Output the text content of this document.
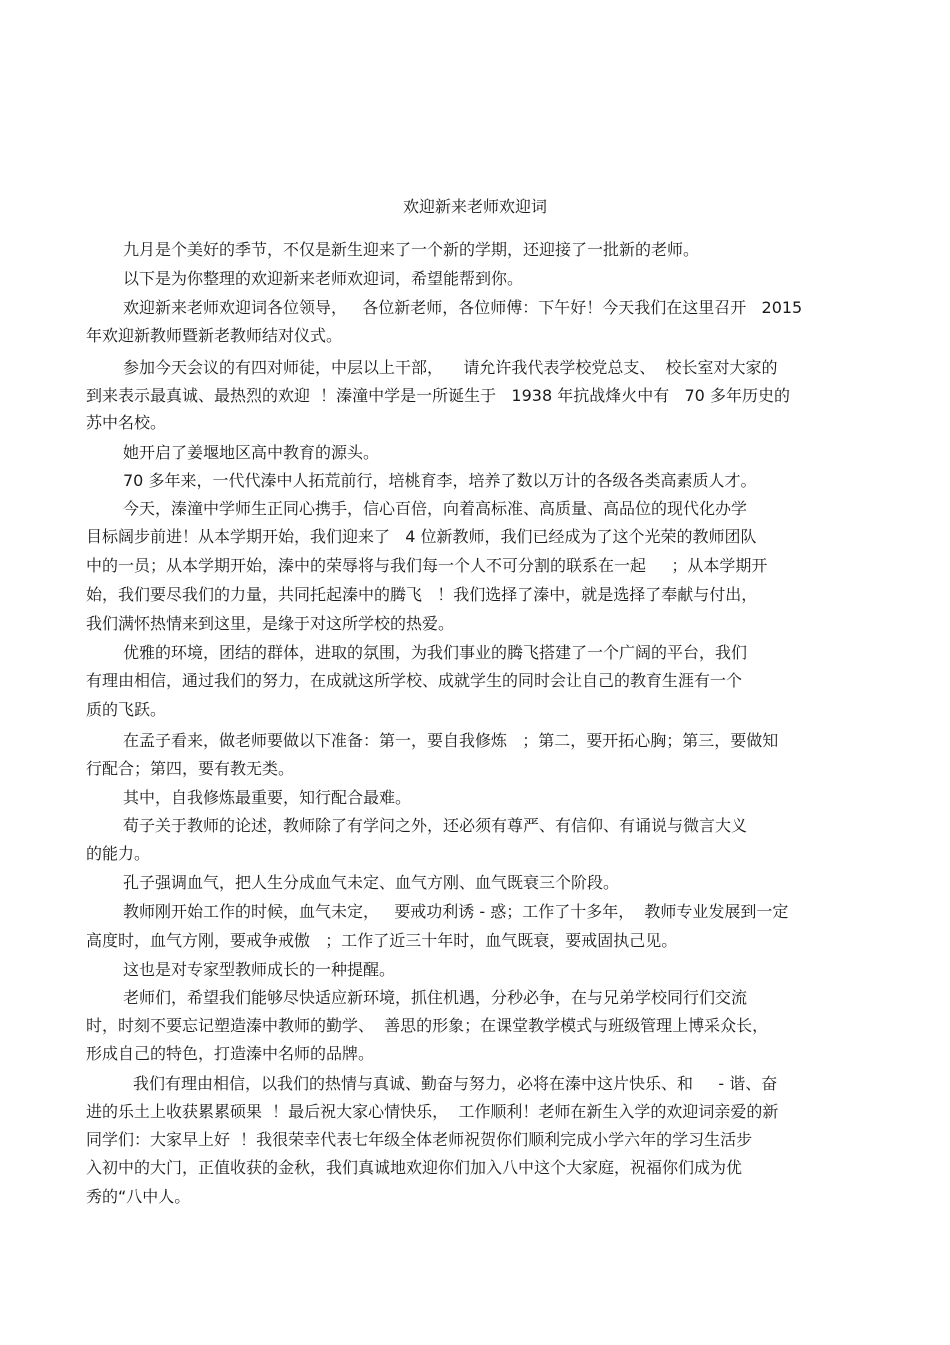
欢迎新来老师欢迎词
九月是个美好的季节，不仅是新生迎来了一个新的学期，还迎接了一批新的老师。
以下是为你整理的欢迎新来老师欢迎词，希望能帮到你。
欢迎新来老师欢迎词各位领导，   各位新老师，各位师傅：下午好！今天我们在这里召开   2015
年欢迎新教师暨新老教师结对仪式。
参加今天会议的有四对师徒，中层以上干部，    请允许我代表学校党总支、  校长室对大家的
到来表示最真诚、最热烈的欢迎  ！溱潼中学是一所诞生于   1938 年抗战烽火中有   70 多年历史的
苏中名校。
她开启了姜堰地区高中教育的源头。
70 多年来，一代代溱中人拓荒前行，培桃育李，培养了数以万计的各级各类高素质人才。
今天，溱潼中学师生正同心携手，信心百倍，向着高标准、高质量、高品位的现代化办学
目标阔步前进！从本学期开始，我们迎来了   4 位新教师，我们已经成为了这个光荣的教师团队
中的一员；从本学期开始，溱中的荣辱将与我们每一个人不可分割的联系在一起     ；从本学期开
始，我们要尽我们的力量，共同托起溱中的腾飞   ！我们选择了溱中，就是选择了奉献与付出，
我们满怀热情来到这里，是缘于对这所学校的热爱。
优雅的环境，团结的群体，进取的氛围，为我们事业的腾飞搭建了一个广阔的平台，我们
有理由相信，通过我们的努力，在成就这所学校、成就学生的同时会让自己的教育生涯有一个
质的飞跃。
在孟子看来，做老师要做以下准备：第一，要自我修炼   ；第二，要开拓心胸；第三，要做知
行配合；第四，要有教无类。
其中，自我修炼最重要，知行配合最难。
荀子关于教师的论述，教师除了有学问之外，还必须有尊严、有信仰、有诵说与微言大义
的能力。
孔子强调血气，把人生分成血气未定、血气方刚、血气既衰三个阶段。
教师刚开始工作的时候，血气未定，   要戒功利诱 - 惑；工作了十多年，  教师专业发展到一定
高度时，血气方刚，要戒争戒傲   ；工作了近三十年时，血气既衰，要戒固执己见。
这也是对专家型教师成长的一种提醒。
老师们，希望我们能够尽快适应新环境，抓住机遇，分秒必争，在与兄弟学校同行们交流
时，时刻不要忘记塑造溱中教师的勤学、  善思的形象；在课堂教学模式与班级管理上博采众长，
形成自己的特色，打造溱中名师的品牌。
我们有理由相信，以我们的热情与真诚、勤奋与努力，必将在溱中这片快乐、和     - 谐、奋
进的乐土上收获累累硕果  ！最后祝大家心情快乐，  工作顺利！老师在新生入学的欢迎词亲爱的新
同学们：大家早上好  ！我很荣幸代表七年级全体老师祝贺你们顺利完成小学六年的学习生活步
入初中的大门，正值收获的金秋，我们真诚地欢迎你们加入八中这个大家庭，祝福你们成为优
秀的“八中人。
